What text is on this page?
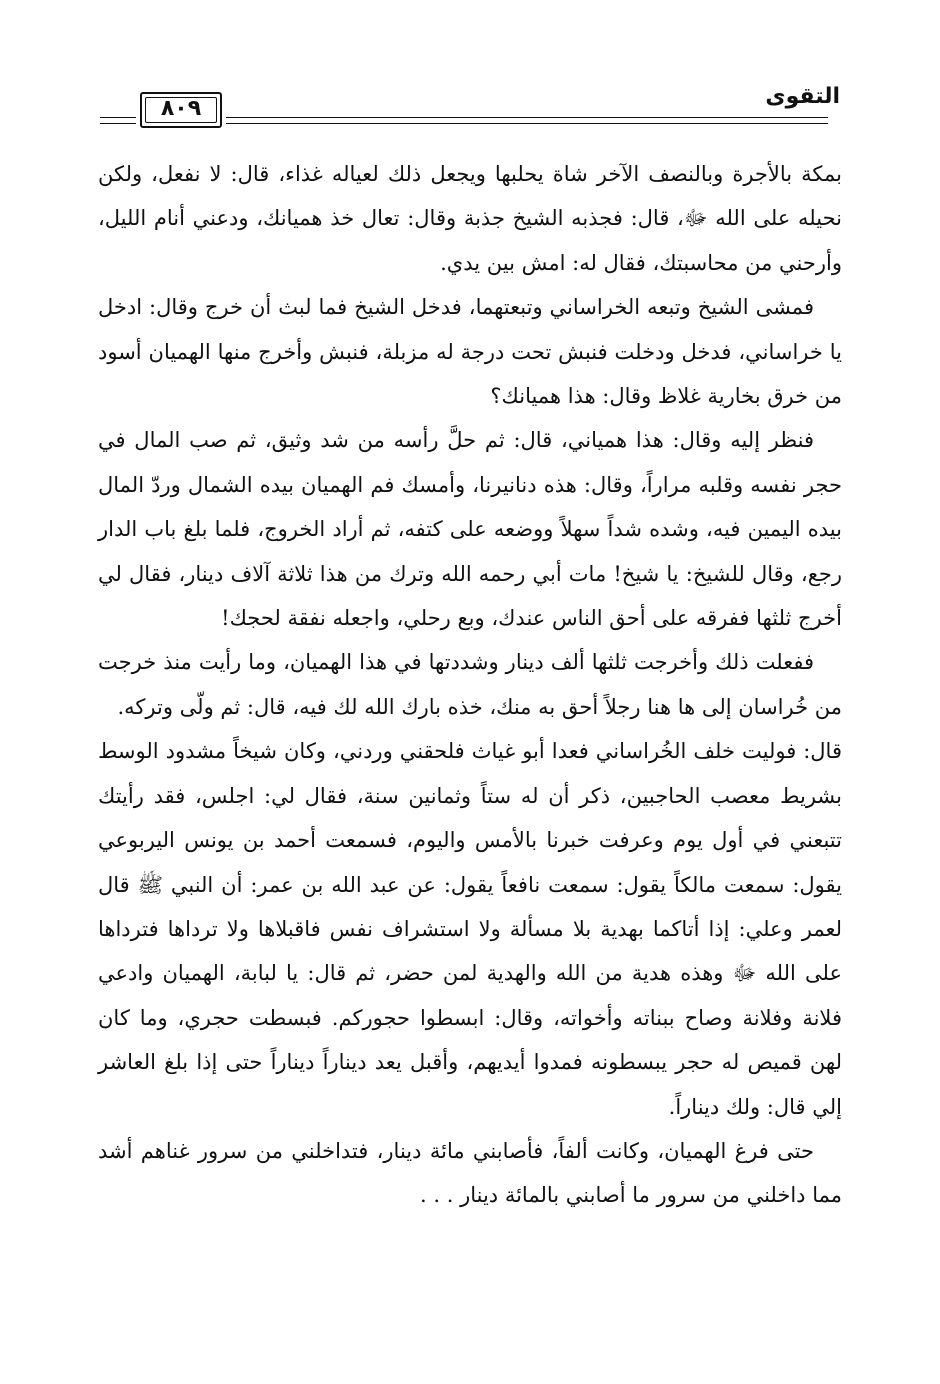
٨٠٩	التقوى

بمكة بالأجرة وبالنصف الآخر شاة يحلبها ويجعل ذلك لعياله غذاء، قال: لا نفعل، ولكن نحيله على الله ﷻ، قال: فجذبه الشيخ جذبة وقال: تعال خذ هميانك، ودعني أنام الليل، وأرحني من محاسبتك، فقال له: امش بين يدي.

فمشى الشيخ وتبعه الخراساني وتبعتهما، فدخل الشيخ فما لبث أن خرج وقال: ادخل يا خراساني، فدخل ودخلت فنبش تحت درجة له مزبلة، فنبش وأخرج منها الهميان أسود من خرق بخارية غلاظ وقال: هذا هميانك؟

فنظر إليه وقال: هذا همياني، قال: ثم حلَّ رأسه من شد وثيق، ثم صب المال في حجر نفسه وقلبه مراراً، وقال: هذه دنانيرنا، وأمسك فم الهميان بيده الشمال وردّ المال بيده اليمين فيه، وشده شداً سهلاً ووضعه على كتفه، ثم أراد الخروج، فلما بلغ باب الدار رجع، وقال للشيخ: يا شيخ! مات أبي رحمه الله وترك من هذا ثلاثة آلاف دينار، فقال لي أخرج ثلثها ففرقه على أحق الناس عندك، وبع رحلي، واجعله نفقة لحجك!

ففعلت ذلك وأخرجت ثلثها ألف دينار وشددتها في هذا الهميان، وما رأيت منذ خرجت من خُراسان إلى ها هنا رجلاً أحق به منك، خذه بارك الله لك فيه، قال: ثم ولّى وتركه.

قال: فوليت خلف الخُراساني فعدا أبو غياث فلحقني وردني، وكان شيخاً مشدود الوسط بشريط معصب الحاجبين، ذكر أن له ستاً وثمانين سنة، فقال لي: اجلس، فقد رأيتك تتبعني في أول يوم وعرفت خبرنا بالأمس واليوم، فسمعت أحمد بن يونس اليربوعي يقول: سمعت مالكاً يقول: سمعت نافعاً يقول: عن عبد الله بن عمر: أن النبي ﷺ قال لعمر وعلي: إذا أتاكما بهدية بلا مسألة ولا استشراف نفس فاقبلاها ولا ترداها فترداها على الله ﷻ وهذه هدية من الله والهدية لمن حضر، ثم قال: يا لبابة، الهميان وادعي فلانة وفلانة وصاح ببناته وأخواته، وقال: ابسطوا حجوركم. فبسطت حجري، وما كان لهن قميص له حجر يبسطونه فمدوا أيديهم، وأقبل يعد ديناراً ديناراً حتى إذا بلغ العاشر إلي قال: ولك ديناراً.

حتى فرغ الهميان، وكانت ألفاً، فأصابني مائة دينار، فتداخلني من سرور غناهم أشد مما داخلني من سرور ما أصابني بالمائة دينار . . .
